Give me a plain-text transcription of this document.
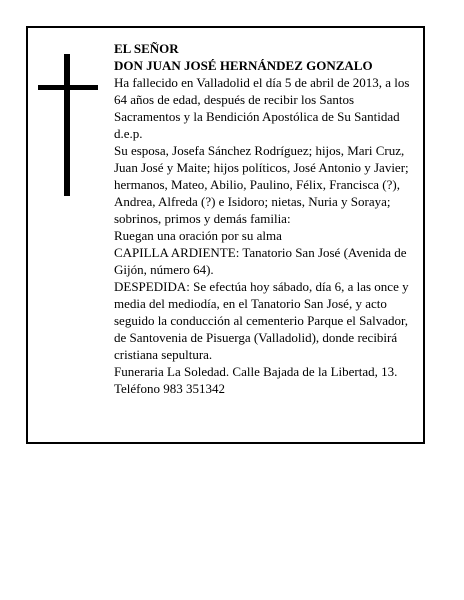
EL SEÑOR

DON JUAN JOSÉ HERNÁNDEZ GONZALO

Ha fallecido en Valladolid el día 5 de abril de 2013, a los 64 años de edad, después de recibir los Santos Sacramentos y la Bendición Apostólica de Su Santidad d.e.p.

Su esposa, Josefa Sánchez Rodríguez; hijos, Mari Cruz, Juan José y Maite; hijos políticos, José Antonio y Javier; hermanos, Mateo, Abilio, Paulino, Félix, Francisca (?), Andrea, Alfreda (?) e Isidoro; nietas, Nuria y Soraya; sobrinos, primos y demás familia:

Ruegan una oración por su alma

CAPILLA ARDIENTE: Tanatorio San José (Avenida de Gijón, número 64).

DESPEDIDA: Se efectúa hoy sábado, día 6, a las once y media del mediodía, en el Tanatorio San José, y acto seguido la conducción al cementerio Parque el Salvador, de Santovenia de Pisuerga (Valladolid), donde recibirá cristiana sepultura.

Funeraria La Soledad. Calle Bajada de la Libertad, 13. Teléfono 983 351342
